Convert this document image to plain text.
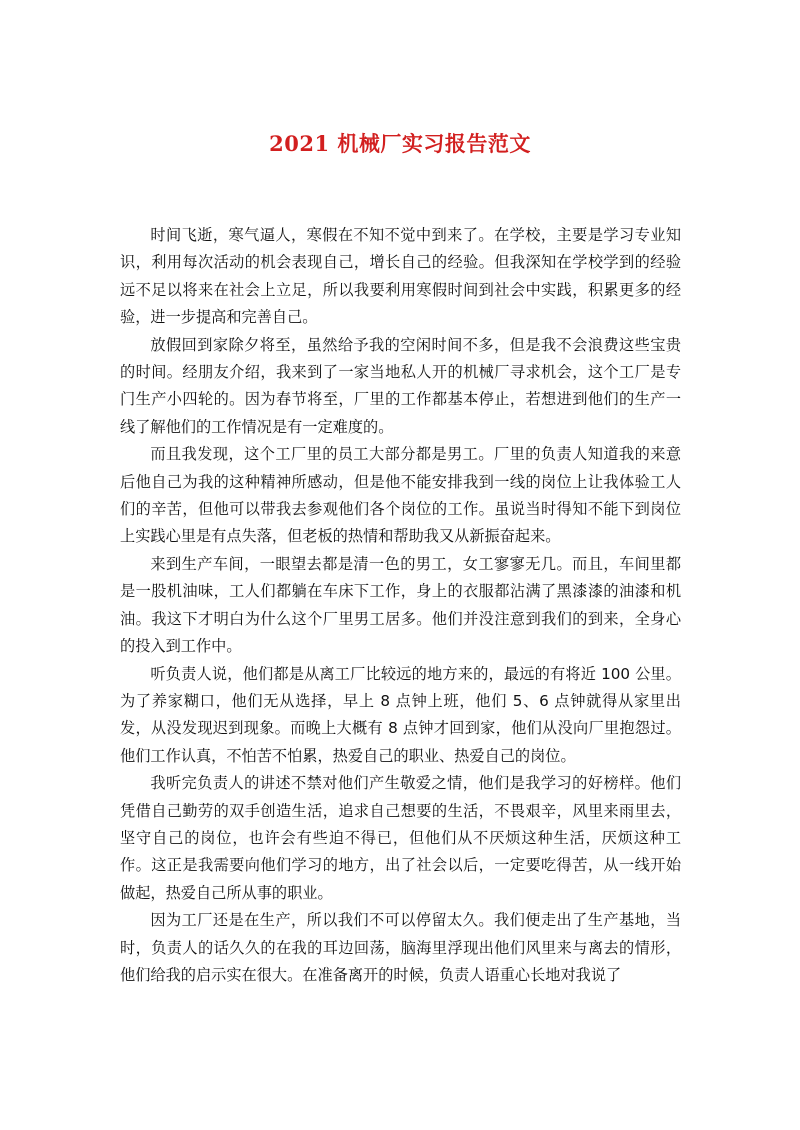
2021 机械厂实习报告范文

时间飞逝，寒气逼人，寒假在不知不觉中到来了。在学校，主要是学习专业知识，利用每次活动的机会表现自己，增长自己的经验。但我深知在学校学到的经验远不足以将来在社会上立足，所以我要利用寒假时间到社会中实践，积累更多的经验，进一步提高和完善自己。

放假回到家除夕将至，虽然给予我的空闲时间不多，但是我不会浪费这些宝贵的时间。经朋友介绍，我来到了一家当地私人开的机械厂寻求机会，这个工厂是专门生产小四轮的。因为春节将至，厂里的工作都基本停止，若想进到他们的生产一线了解他们的工作情况是有一定难度的。

而且我发现，这个工厂里的员工大部分都是男工。厂里的负责人知道我的来意后他自己为我的这种精神所感动，但是他不能安排我到一线的岗位上让我体验工人们的辛苦，但他可以带我去参观他们各个岗位的工作。虽说当时得知不能下到岗位上实践心里是有点失落，但老板的热情和帮助我又从新振奋起来。

来到生产车间，一眼望去都是清一色的男工，女工寥寥无几。而且，车间里都是一股机油味，工人们都躺在车床下工作，身上的衣服都沾满了黑漆漆的油漆和机油。我这下才明白为什么这个厂里男工居多。他们并没注意到我们的到来，全身心的投入到工作中。

听负责人说，他们都是从离工厂比较远的地方来的，最远的有将近 100 公里。为了养家糊口，他们无从选择，早上 8 点钟上班，他们 5、6 点钟就得从家里出发，从没发现迟到现象。而晚上大概有 8 点钟才回到家，他们从没向厂里抱怨过。他们工作认真，不怕苦不怕累，热爱自己的职业、热爱自己的岗位。

我听完负责人的讲述不禁对他们产生敬爱之情，他们是我学习的好榜样。他们凭借自己勤劳的双手创造生活，追求自己想要的生活，不畏艰辛，风里来雨里去，坚守自己的岗位，也许会有些迫不得已，但他们从不厌烦这种生活，厌烦这种工作。这正是我需要向他们学习的地方，出了社会以后，一定要吃得苦，从一线开始做起，热爱自己所从事的职业。

因为工厂还是在生产，所以我们不可以停留太久。我们便走出了生产基地，当时，负责人的话久久的在我的耳边回荡，脑海里浮现出他们风里来与离去的情形，他们给我的启示实在很大。在准备离开的时候，负责人语重心长地对我说了
